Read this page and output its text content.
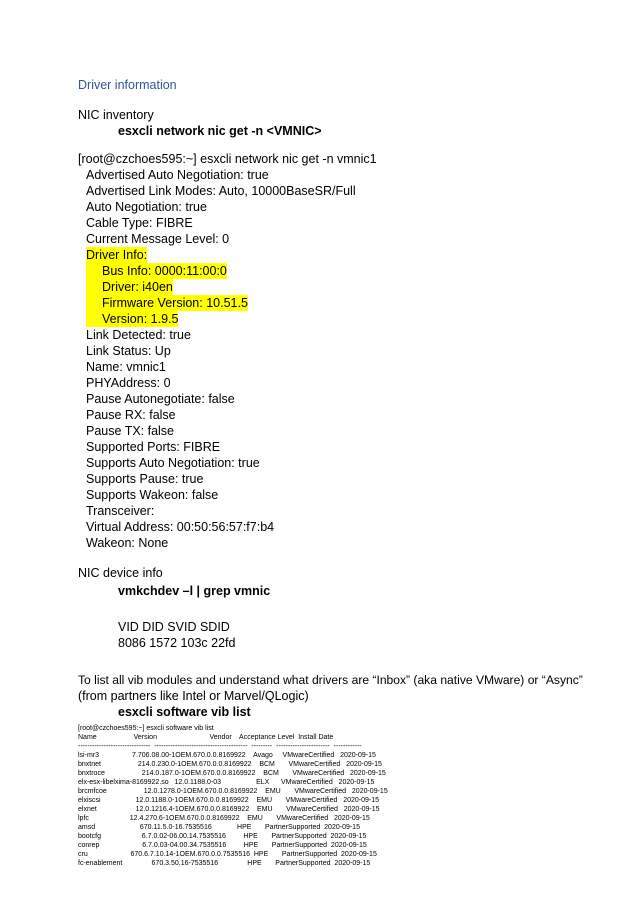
Driver information
NIC inventory
esxcli network nic get -n <VMNIC>
[root@czchoes595:~] esxcli network nic get -n vmnic1
Advertised Auto Negotiation: true
Advertised Link Modes: Auto, 10000BaseSR/Full
Auto Negotiation: true
Cable Type: FIBRE
Current Message Level: 0
Driver Info:
Bus Info: 0000:11:00:0
Driver: i40en
Firmware Version: 10.51.5
Version: 1.9.5
Link Detected: true
Link Status: Up
Name: vmnic1
PHYAddress: 0
Pause Autonegotiate: false
Pause RX: false
Pause TX: false
Supported Ports: FIBRE
Supports Auto Negotiation: true
Supports Pause: true
Supports Wakeon: false
Transceiver:
Virtual Address: 00:50:56:57:f7:b4
Wakeon: None
NIC device info
vmkchdev –l | grep vmnic
VID DID SVID SDID
8086 1572 103c 22fd
To list all vib modules and understand what drivers are “Inbox” (aka native VMware) or “Async”
(from partners like Intel or Marvel/QLogic)
esxcli software vib list
[root@czchoes595:~] esxcli software vib list
Name                   Version                           Vendor    Acceptance Level  Install Date
-------------------------------  ----------------------------------------  ---------  -----------------------  ------------
lsi-mr3                 7.706.08.00-1OEM.670.0.0.8169922    Avago     VMwareCertified   2020-09-15
bnxtnet                   214.0.230.0-1OEM.670.0.0.8169922    BCM       VMwareCertified   2020-09-15
bnxtroce                   214.0.187.0-1OEM.670.0.0.8169922    BCM       VMwareCertified   2020-09-15
elx-esx-libelxima-8169922.so   12.0.1188.0-03                  ELX      VMwareCertified   2020-09-15
brcmfcoe                   12.0.1278.0-1OEM.670.0.0.8169922    EMU       VMwareCertified   2020-09-15
elxiscsi                  12.0.1188.0-1OEM.670.0.0.8169922    EMU       VMwareCertified   2020-09-15
elxnet                    12.0.1216.4-1OEM.670.0.0.8169922    EMU       VMwareCertified   2020-09-15
lpfc                     12.4.270.6-1OEM.670.0.0.8169922    EMU       VMwareCertified   2020-09-15
amsd                       670.11.5.0-16.7535516             HPE       PartnerSupported  2020-09-15
bootcfg                     6.7.0.02-06.00.14.7535516         HPE       PartnerSupported  2020-09-15
conrep                      6.7.0.03-04.00.34.7535516         HPE       PartnerSupported  2020-09-15
cru                      670.6.7.10.14-1OEM.670.0.0.7535516  HPE       PartnerSupported  2020-09-15
fc-enablement               670.3.50.16-7535516               HPE       PartnerSupported  2020-09-15
